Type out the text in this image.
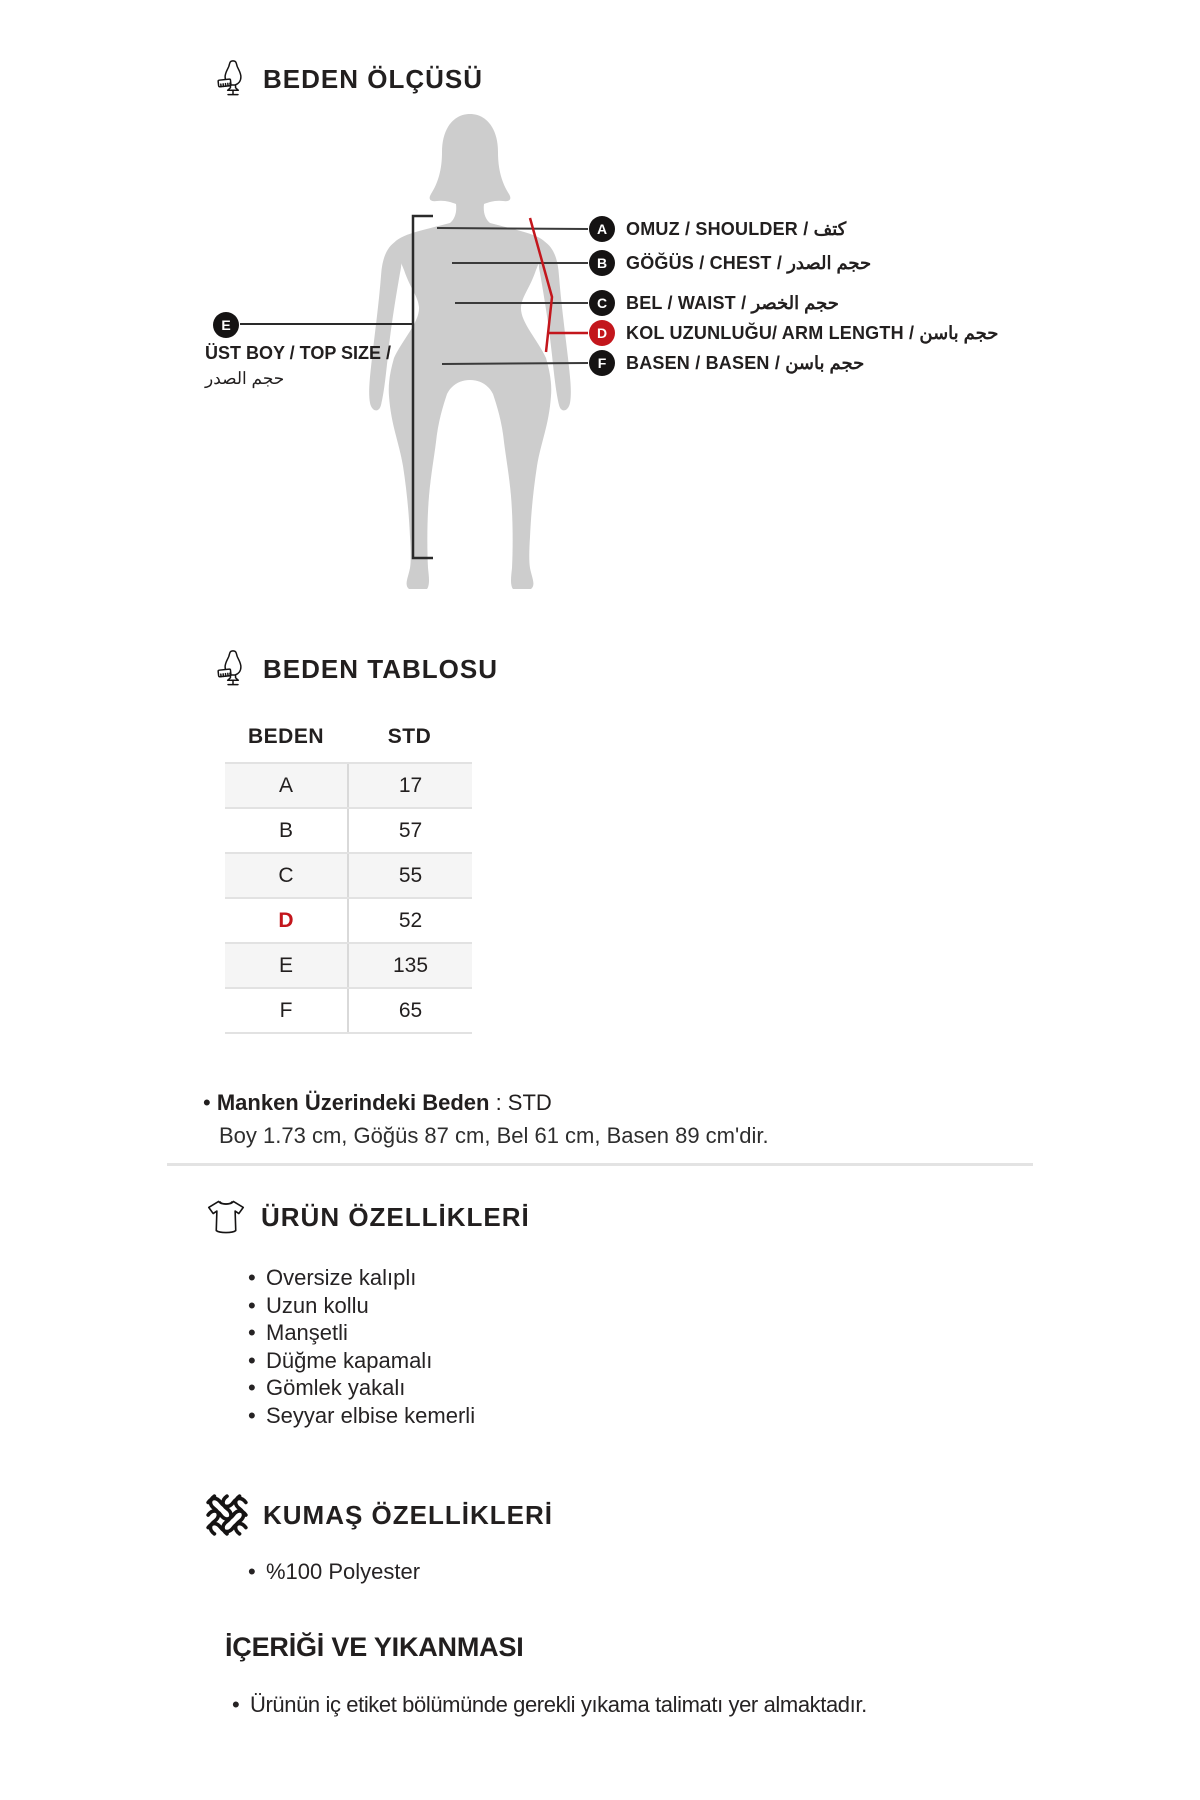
BEDEN ÖLÇÜSÜ
A	OMUZ / SHOULDER / كتف
B	GÖĞÜS / CHEST / حجم الصدر
C	BEL / WAIST / حجم الخصر
D	KOL UZUNLUĞU/ ARM LENGTH / حجم باسن
F	BASEN / BASEN / حجم باسن
E
ÜST BOY / TOP SIZE /
حجم الصدر
BEDEN TABLOSU
BEDEN	STD
A	17
B	57
C	55
D	52
E	135
F	65
• Manken Üzerindeki Beden : STD
Boy 1.73 cm, Göğüs 87 cm, Bel 61 cm, Basen 89 cm'dir.
ÜRÜN ÖZELLİKLERİ
• Oversize kalıplı
• Uzun kollu
• Manşetli
• Düğme kapamalı
• Gömlek yakalı
• Seyyar elbise kemerli
KUMAŞ ÖZELLİKLERİ
• %100 Polyester
İÇERİĞİ VE YIKANMASI
• Ürünün iç etiket bölümünde gerekli yıkama talimatı yer almaktadır.
